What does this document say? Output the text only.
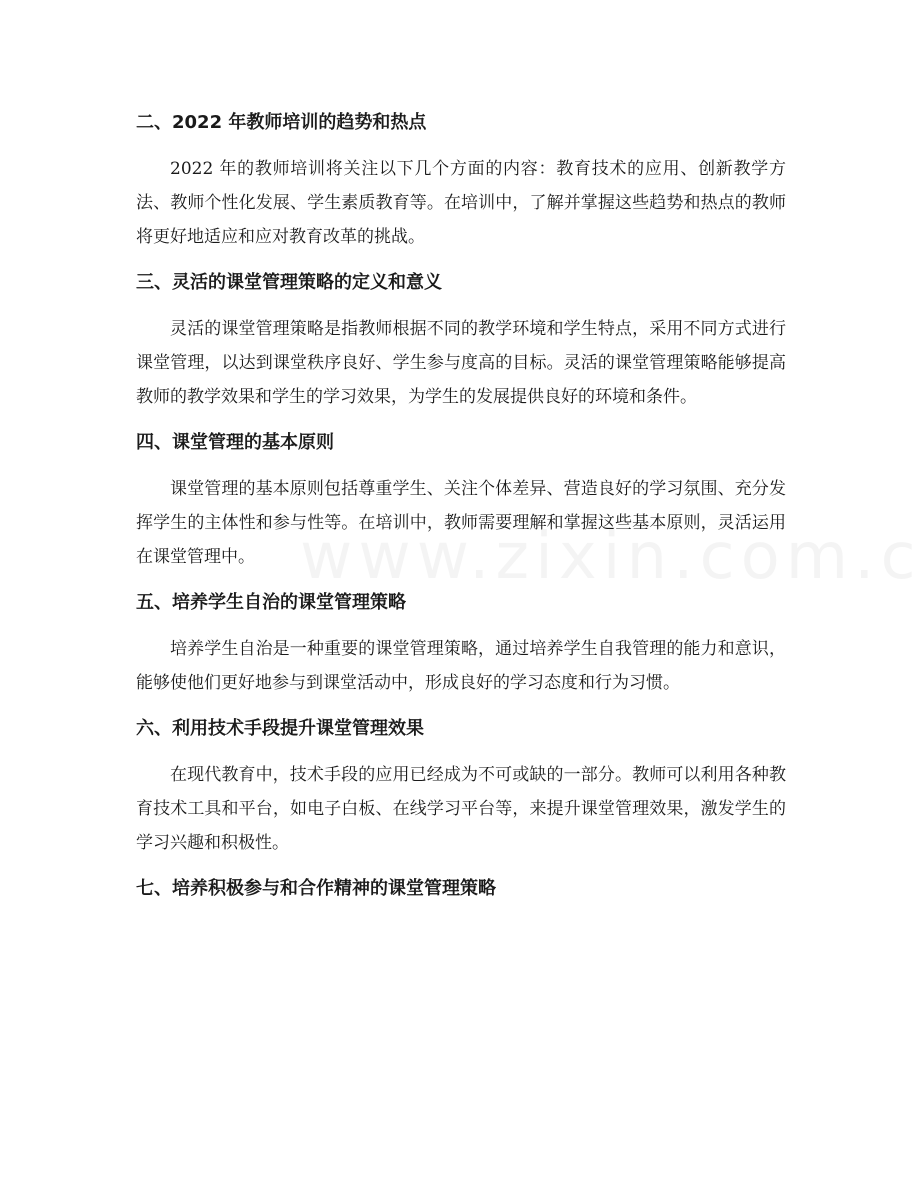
二、2022 年教师培训的趋势和热点

2022 年的教师培训将关注以下几个方面的内容：教育技术的应用、创新教学方法、教师个性化发展、学生素质教育等。在培训中，了解并掌握这些趋势和热点的教师将更好地适应和应对教育改革的挑战。

三、灵活的课堂管理策略的定义和意义

灵活的课堂管理策略是指教师根据不同的教学环境和学生特点，采用不同方式进行课堂管理，以达到课堂秩序良好、学生参与度高的目标。灵活的课堂管理策略能够提高教师的教学效果和学生的学习效果，为学生的发展提供良好的环境和条件。

四、课堂管理的基本原则

课堂管理的基本原则包括尊重学生、关注个体差异、营造良好的学习氛围、充分发挥学生的主体性和参与性等。在培训中，教师需要理解和掌握这些基本原则，灵活运用在课堂管理中。

五、培养学生自治的课堂管理策略

培养学生自治是一种重要的课堂管理策略，通过培养学生自我管理的能力和意识，能够使他们更好地参与到课堂活动中，形成良好的学习态度和行为习惯。

六、利用技术手段提升课堂管理效果

在现代教育中，技术手段的应用已经成为不可或缺的一部分。教师可以利用各种教育技术工具和平台，如电子白板、在线学习平台等，来提升课堂管理效果，激发学生的学习兴趣和积极性。

七、培养积极参与和合作精神的课堂管理策略
